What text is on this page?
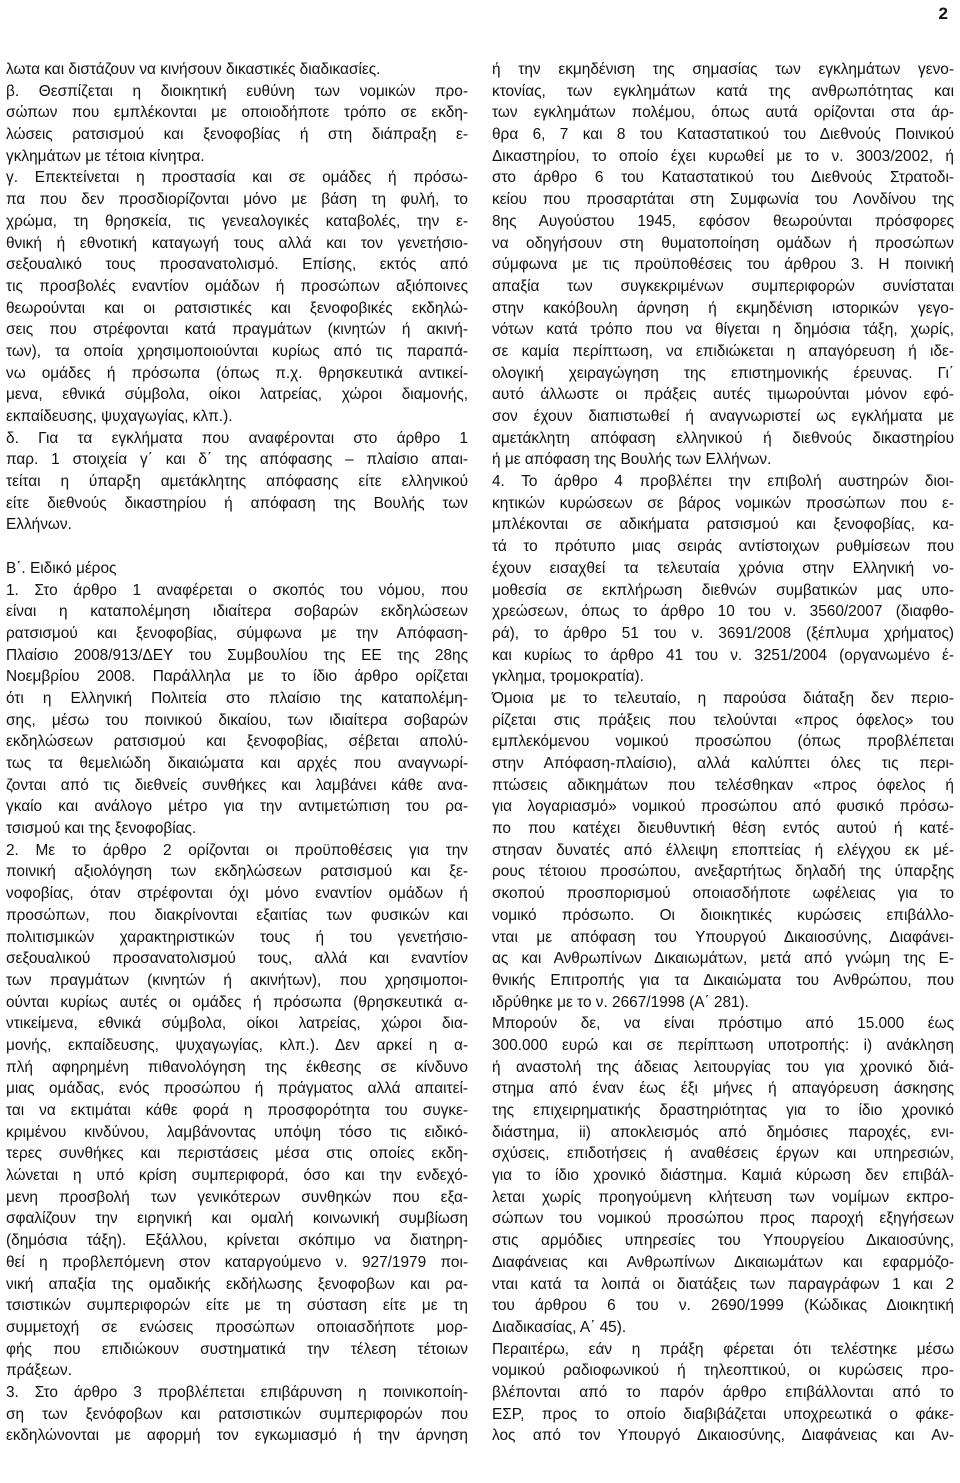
2
λωτα και διστάζουν να κινήσουν δικαστικές διαδικασίες.
β. Θεσπίζεται η διοικητική ευθύνη των νομικών προ-
σώπων που εμπλέκονται με οποιοδήποτε τρόπο σε εκδη-
λώσεις ρατσισμού και ξενοφοβίας ή στη διάπραξη ε-
γκλημάτων με τέτοια κίνητρα.
γ. Επεκτείνεται η προστασία και σε ομάδες ή πρόσω-
πα που δεν προσδιορίζονται μόνο με βάση τη φυλή, το
χρώμα, τη θρησκεία, τις γενεαλογικές καταβολές, την ε-
θνική ή εθνοτική καταγωγή τους αλλά και τον γενετήσιο-
σεξουαλικό τους προσανατολισμό. Επίσης, εκτός από
τις προσβολές εναντίον ομάδων ή προσώπων αξιόποινες
θεωρούνται και οι ρατσιστικές και ξενοφοβικές εκδηλώ-
σεις που στρέφονται κατά πραγμάτων (κινητών ή ακινή-
των), τα οποία χρησιμοποιούνται κυρίως από τις παραπά-
νω ομάδες ή πρόσωπα (όπως π.χ. θρησκευτικά αντικεί-
μενα, εθνικά σύμβολα, οίκοι λατρείας, χώροι διαμονής,
εκπαίδευσης, ψυχαγωγίας, κλπ.).
δ. Για τα εγκλήματα που αναφέρονται στο άρθρο 1
παρ. 1 στοιχεία γ΄ και δ΄ της απόφασης – πλαίσιο απαι-
τείται η ύπαρξη αμετάκλητης απόφασης είτε ελληνικού
είτε διεθνούς δικαστηρίου ή απόφαση της Βουλής των
Ελλήνων.
Β΄. Ειδικό μέρος
1. Στο άρθρο 1 αναφέρεται ο σκοπός του νόμου, που
είναι η καταπολέμηση ιδιαίτερα σοβαρών εκδηλώσεων
ρατσισμού και ξενοφοβίας, σύμφωνα με την Απόφαση-
Πλαίσιο 2008/913/ΔΕΥ του Συμβουλίου της ΕΕ της 28ης
Νοεμβρίου 2008. Παράλληλα με το ίδιο άρθρο ορίζεται
ότι η Ελληνική Πολιτεία στο πλαίσιο της καταπολέμη-
σης, μέσω του ποινικού δικαίου, των ιδιαίτερα σοβαρών
εκδηλώσεων ρατσισμού και ξενοφοβίας, σέβεται απολύ-
τως τα θεμελιώδη δικαιώματα και αρχές που αναγνωρί-
ζονται από τις διεθνείς συνθήκες και λαμβάνει κάθε ανα-
γκαίο και ανάλογο μέτρο για την αντιμετώπιση του ρα-
τσισμού και της ξενοφοβίας.
2. Με το άρθρο 2 ορίζονται οι προϋποθέσεις για την
ποινική αξιολόγηση των εκδηλώσεων ρατσισμού και ξε-
νοφοβίας, όταν στρέφονται όχι μόνο εναντίον ομάδων ή
προσώπων, που διακρίνονται εξαιτίας των φυσικών και
πολιτισμικών χαρακτηριστικών τους ή του γενετήσιο-
σεξουαλικού προσανατολισμού τους, αλλά και εναντίον
των πραγμάτων (κινητών ή ακινήτων), που χρησιμοποι-
ούνται κυρίως αυτές οι ομάδες ή πρόσωπα (θρησκευτικά α-
ντικείμενα, εθνικά σύμβολα, οίκοι λατρείας, χώροι δια-
μονής, εκπαίδευσης, ψυχαγωγίας, κλπ.). Δεν αρκεί η α-
πλή αφηρημένη πιθανολόγηση της έκθεσης σε κίνδυνο
μιας ομάδας, ενός προσώπου ή πράγματος αλλά απαιτεί-
ται να εκτιμάται κάθε φορά η προσφορότητα του συγκε-
κριμένου κινδύνου, λαμβάνοντας υπόψη τόσο τις ειδικό-
τερες συνθήκες και περιστάσεις μέσα στις οποίες εκδη-
λώνεται η υπό κρίση συμπεριφορά, όσο και την ενδεχό-
μενη προσβολή των γενικότερων συνθηκών που εξα-
σφαλίζουν την ειρηνική και ομαλή κοινωνική συμβίωση
(δημόσια τάξη). Εξάλλου, κρίνεται σκόπιμο να διατηρη-
θεί η προβλεπόμενη στον καταργούμενο ν. 927/1979 ποι-
νική απαξία της ομαδικής εκδήλωσης ξενοφοβων και ρα-
τσιστικών συμπεριφορών είτε με τη σύσταση είτε με τη
συμμετοχή σε ενώσεις προσώπων οποιασδήποτε μορ-
φής που επιδιώκουν συστηματικά την τέλεση τέτοιων
πράξεων.
3. Στο άρθρο 3 προβλέπεται επιβάρυνση η ποινικοποίη-
ση των ξενόφοβων και ρατσιστικών συμπεριφορών που
εκδηλώνονται με αφορμή τον εγκωμιασμό ή την άρνηση
ή την εκμηδένιση της σημασίας των εγκλημάτων γενο-
κτονίας, των εγκλημάτων κατά της ανθρωπότητας και
των εγκλημάτων πολέμου, όπως αυτά ορίζονται στα άρ-
θρα 6, 7 και 8 του Καταστατικού του Διεθνούς Ποινικού
Δικαστηρίου, το οποίο έχει κυρωθεί με το ν. 3003/2002, ή
στο άρθρο 6 του Καταστατικού του Διεθνούς Στρατοδι-
κείου που προσαρτάται στη Συμφωνία του Λονδίνου της
8ης Αυγούστου 1945, εφόσον θεωρούνται πρόσφορες
να οδηγήσουν στη θυματοποίηση ομάδων ή προσώπων
σύμφωνα με τις προϋποθέσεις του άρθρου 3. Η ποινική
απαξία των συγκεκριμένων συμπεριφορών συνίσταται
στην κακόβουλη άρνηση ή εκμηδένιση ιστορικών γεγο-
νότων κατά τρόπο που να θίγεται η δημόσια τάξη, χωρίς,
σε καμία περίπτωση, να επιδιώκεται η απαγόρευση ή ιδε-
ολογική χειραγώγηση της επιστημονικής έρευνας. Γι΄
αυτό άλλωστε οι πράξεις αυτές τιμωρούνται μόνον εφό-
σον έχουν διαπιστωθεί ή αναγνωριστεί ως εγκλήματα με
αμετάκλητη απόφαση ελληνικού ή διεθνούς δικαστηρίου
ή με απόφαση της Βουλής των Ελλήνων.
4. Το άρθρο 4 προβλέπει την επιβολή αυστηρών διοι-
κητικών κυρώσεων σε βάρος νομικών προσώπων που ε-
μπλέκονται σε αδικήματα ρατσισμού και ξενοφοβίας, κα-
τά το πρότυπο μιας σειράς αντίστοιχων ρυθμίσεων που
έχουν εισαχθεί τα τελευταία χρόνια στην Ελληνική νο-
μοθεσία σε εκπλήρωση διεθνών συμβατικών μας υπο-
χρεώσεων, όπως το άρθρο 10 του ν. 3560/2007 (διαφθο-
ρά), το άρθρο 51 του ν. 3691/2008 (ξέπλυμα χρήματος)
και κυρίως το άρθρο 41 του ν. 3251/2004 (οργανωμένο έ-
γκλημα, τρομοκρατία).
Όμοια με το τελευταίο, η παρούσα διάταξη δεν περιο-
ρίζεται στις πράξεις που τελούνται «προς όφελος» του
εμπλεκόμενου νομικού προσώπου (όπως προβλέπεται
στην Απόφαση-πλαίσιο), αλλά καλύπτει όλες τις περι-
πτώσεις αδικημάτων που τελέσθηκαν «προς όφελος ή
για λογαριασμό» νομικού προσώπου από φυσικό πρόσω-
πο που κατέχει διευθυντική θέση εντός αυτού ή κατέ-
στησαν δυνατές από έλλειψη εποπτείας ή ελέγχου εκ μέ-
ρους τέτοιου προσώπου, ανεξαρτήτως δηλαδή της ύπαρξης
σκοπού προσπορισμού οποιασδήποτε ωφέλειας για το
νομικό πρόσωπο. Οι διοικητικές κυρώσεις επιβάλλο-
νται με απόφαση του Υπουργού Δικαιοσύνης, Διαφάνει-
ας και Ανθρωπίνων Δικαιωμάτων, μετά από γνώμη της Ε-
θνικής Επιτροπής για τα Δικαιώματα του Ανθρώπου, που
ιδρύθηκε με το ν. 2667/1998 (Α΄ 281).
Μπορούν δε, να είναι πρόστιμο από 15.000 έως
300.000 ευρώ και σε περίπτωση υποτροπής: i) ανάκληση
ή αναστολή της άδειας λειτουργίας του για χρονικό διά-
στημα από έναν έως έξι μήνες ή απαγόρευση άσκησης
της επιχειρηματικής δραστηριότητας για το ίδιο χρονικό
διάστημα, ii) αποκλεισμός από δημόσιες παροχές, ενι-
σχύσεις, επιδοτήσεις ή αναθέσεις έργων και υπηρεσιών,
για το ίδιο χρονικό διάστημα. Καμιά κύρωση δεν επιβάλ-
λεται χωρίς προηγούμενη κλήτευση των νομίμων εκπρο-
σώπων του νομικού προσώπου προς παροχή εξηγήσεων
στις αρμόδιες υπηρεσίες του Υπουργείου Δικαιοσύνης,
Διαφάνειας και Ανθρωπίνων Δικαιωμάτων και εφαρμόζο-
νται κατά τα λοιπά οι διατάξεις των παραγράφων 1 και 2
του άρθρου 6 του ν. 2690/1999 (Κώδικας Διοικητική
Διαδικασίας, Α΄ 45).
Περαιτέρω, εάν η πράξη φέρεται ότι τελέστηκε μέσω
νομικού ραδιοφωνικού ή τηλεοπτικού, οι κυρώσεις προ-
βλέπονται από το παρόν άρθρο επιβάλλονται από το
ΕΣΡ, προς το οποίο διαβιβάζεται υποχρεωτικά ο φάκε-
λος από τον Υπουργό Δικαιοσύνης, Διαφάνειας και Αν-
